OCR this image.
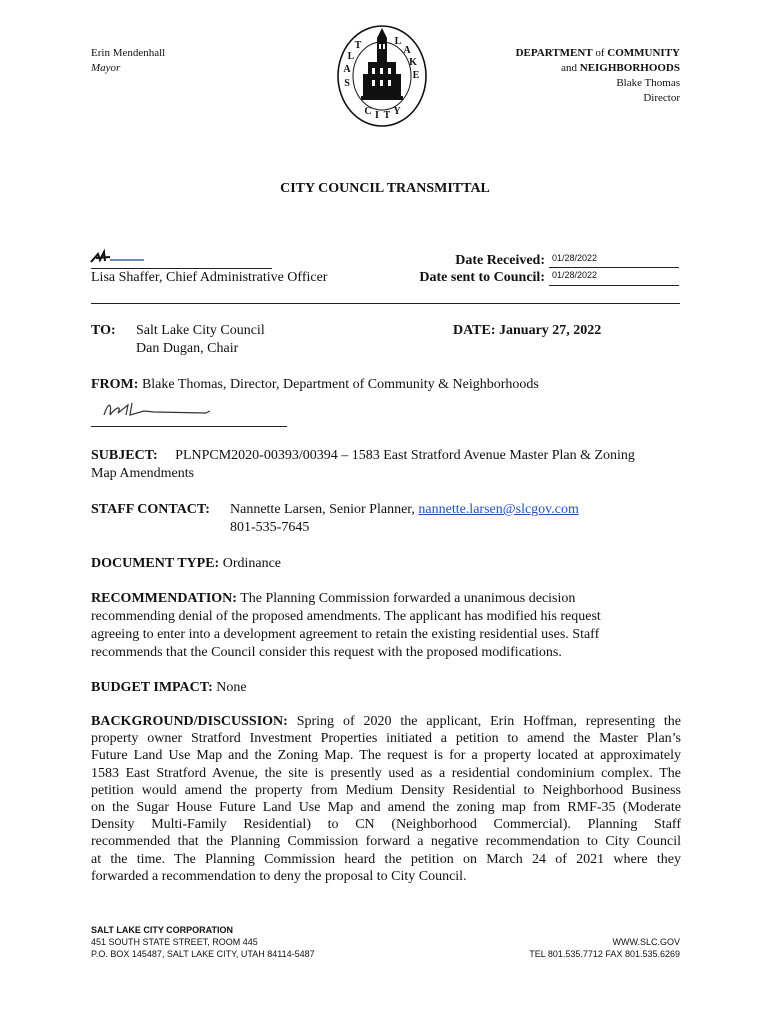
Erin Mendenhall
Mayor
S
A
L
T	L
A
K
E
C I T Y
DEPARTMENT of COMMUNITY
and NEIGHBORHOODS
Blake Thomas
Director
CITY COUNCIL TRANSMITTAL
Lisa Shaffer, Chief Administrative Officer
Date Received: 01/28/2022
Date sent to Council: 01/28/2022
TO: Salt Lake City Council
Dan Dugan, Chair
DATE: January 27, 2022
FROM: Blake Thomas, Director, Department of Community & Neighborhoods
SUBJECT: PLNPCM2020-00393/00394 – 1583 East Stratford Avenue Master Plan & Zoning
Map Amendments
STAFF CONTACT: Nannette Larsen, Senior Planner, nannette.larsen@slcgov.com
801-535-7645
DOCUMENT TYPE: Ordinance
RECOMMENDATION: The Planning Commission forwarded a unanimous decision
recommending denial of the proposed amendments. The applicant has modified his request
agreeing to enter into a development agreement to retain the existing residential uses. Staff
recommends that the Council consider this request with the proposed modifications.
BUDGET IMPACT: None
BACKGROUND/DISCUSSION: Spring of 2020 the applicant, Erin Hoffman, representing the
property owner Stratford Investment Properties initiated a petition to amend the Master Plan’s
Future Land Use Map and the Zoning Map. The request is for a property located at approximately
1583 East Stratford Avenue, the site is presently used as a residential condominium complex. The
petition would amend the property from Medium Density Residential to Neighborhood Business
on the Sugar House Future Land Use Map and amend the zoning map from RMF-35 (Moderate
Density Multi-Family Residential) to CN (Neighborhood Commercial). Planning Staff
recommended that the Planning Commission forward a negative recommendation to City Council
at the time. The Planning Commission heard the petition on March 24 of 2021 where they
forwarded a recommendation to deny the proposal to City Council.
SALT LAKE CITY CORPORATION
451 SOUTH STATE STREET, ROOM 445
P.O. BOX 145487, SALT LAKE CITY, UTAH 84114-5487
WWW.SLC.GOV
TEL 801.535.7712 FAX 801.535.6269
